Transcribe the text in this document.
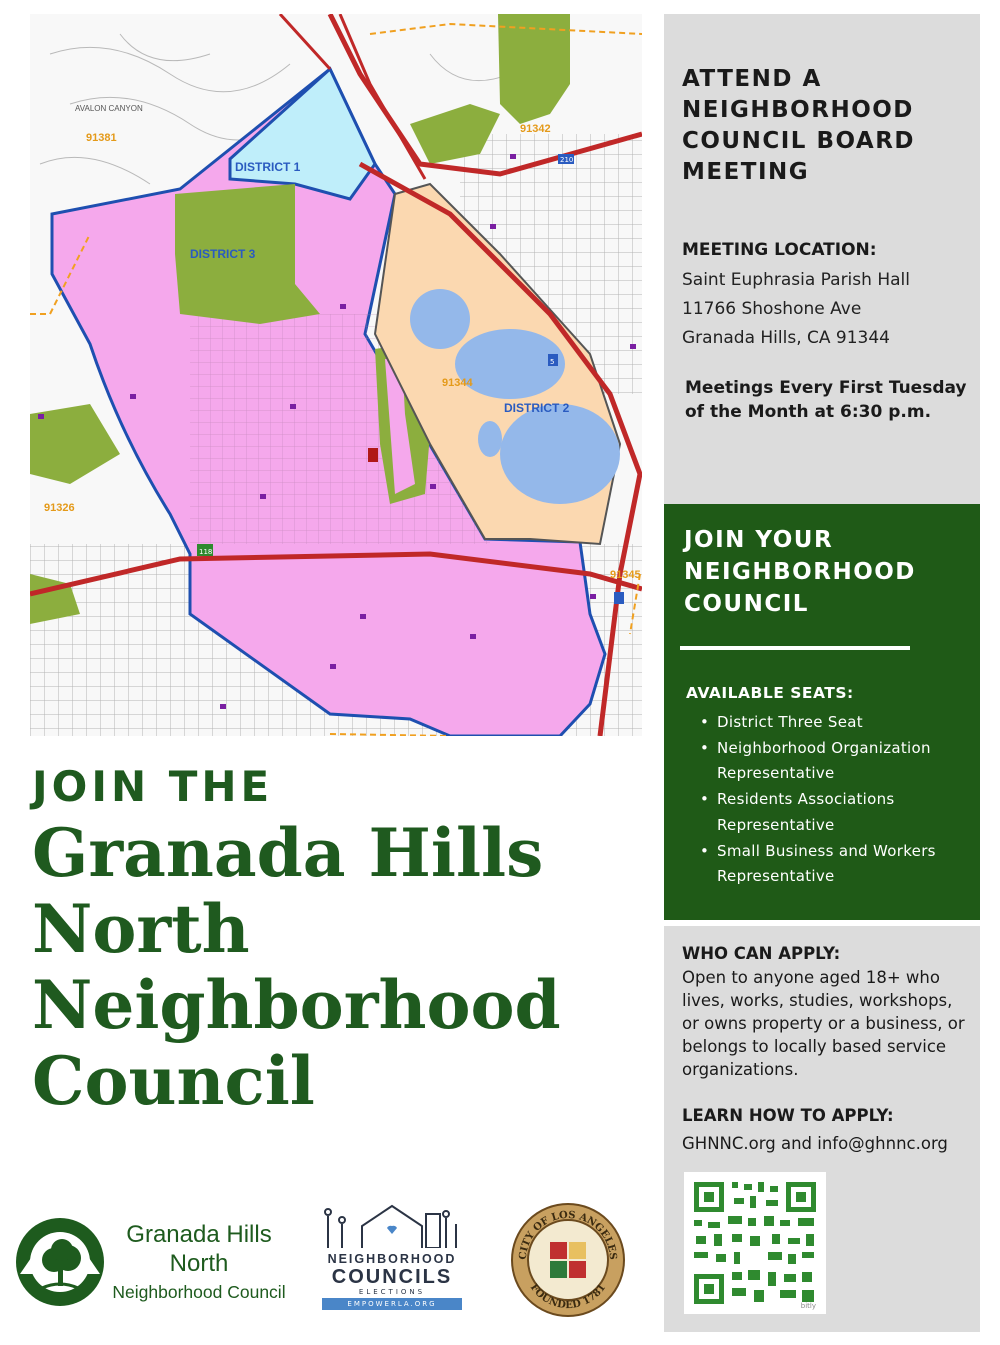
DISTRICT 1
DISTRICT 3
DISTRICT 2
91381
91342
91344
91326
91345
AVALON CANYON
210
5
118
JOIN THE
Granada Hills
North
Neighborhood
Council
Granada Hills
North
Neighborhood Council
NEIGHBORHOOD
COUNCILS
ELECTIONS
EMPOWERLA.ORG
CITY OF LOS ANGELES
FOUNDED 1781
ATTEND A NEIGHBORHOOD COUNCIL BOARD MEETING

MEETING LOCATION:

Saint Euphrasia Parish Hall
11766 Shoshone Ave
Granada Hills, CA 91344

Meetings Every First Tuesday of the Month at 6:30 p.m.

JOIN YOUR NEIGHBORHOOD COUNCIL

AVAILABLE SEATS:

• District Three Seat
• Neighborhood Organization Representative
• Residents Associations Representative
• Small Business and Workers Representative

WHO CAN APPLY:

Open to anyone aged 18+ who lives, works, studies, workshops, or owns property or a business, or belongs to locally based service organizations.

LEARN HOW TO APPLY:

GHNNC.org and info@ghnnc.org

bitly
